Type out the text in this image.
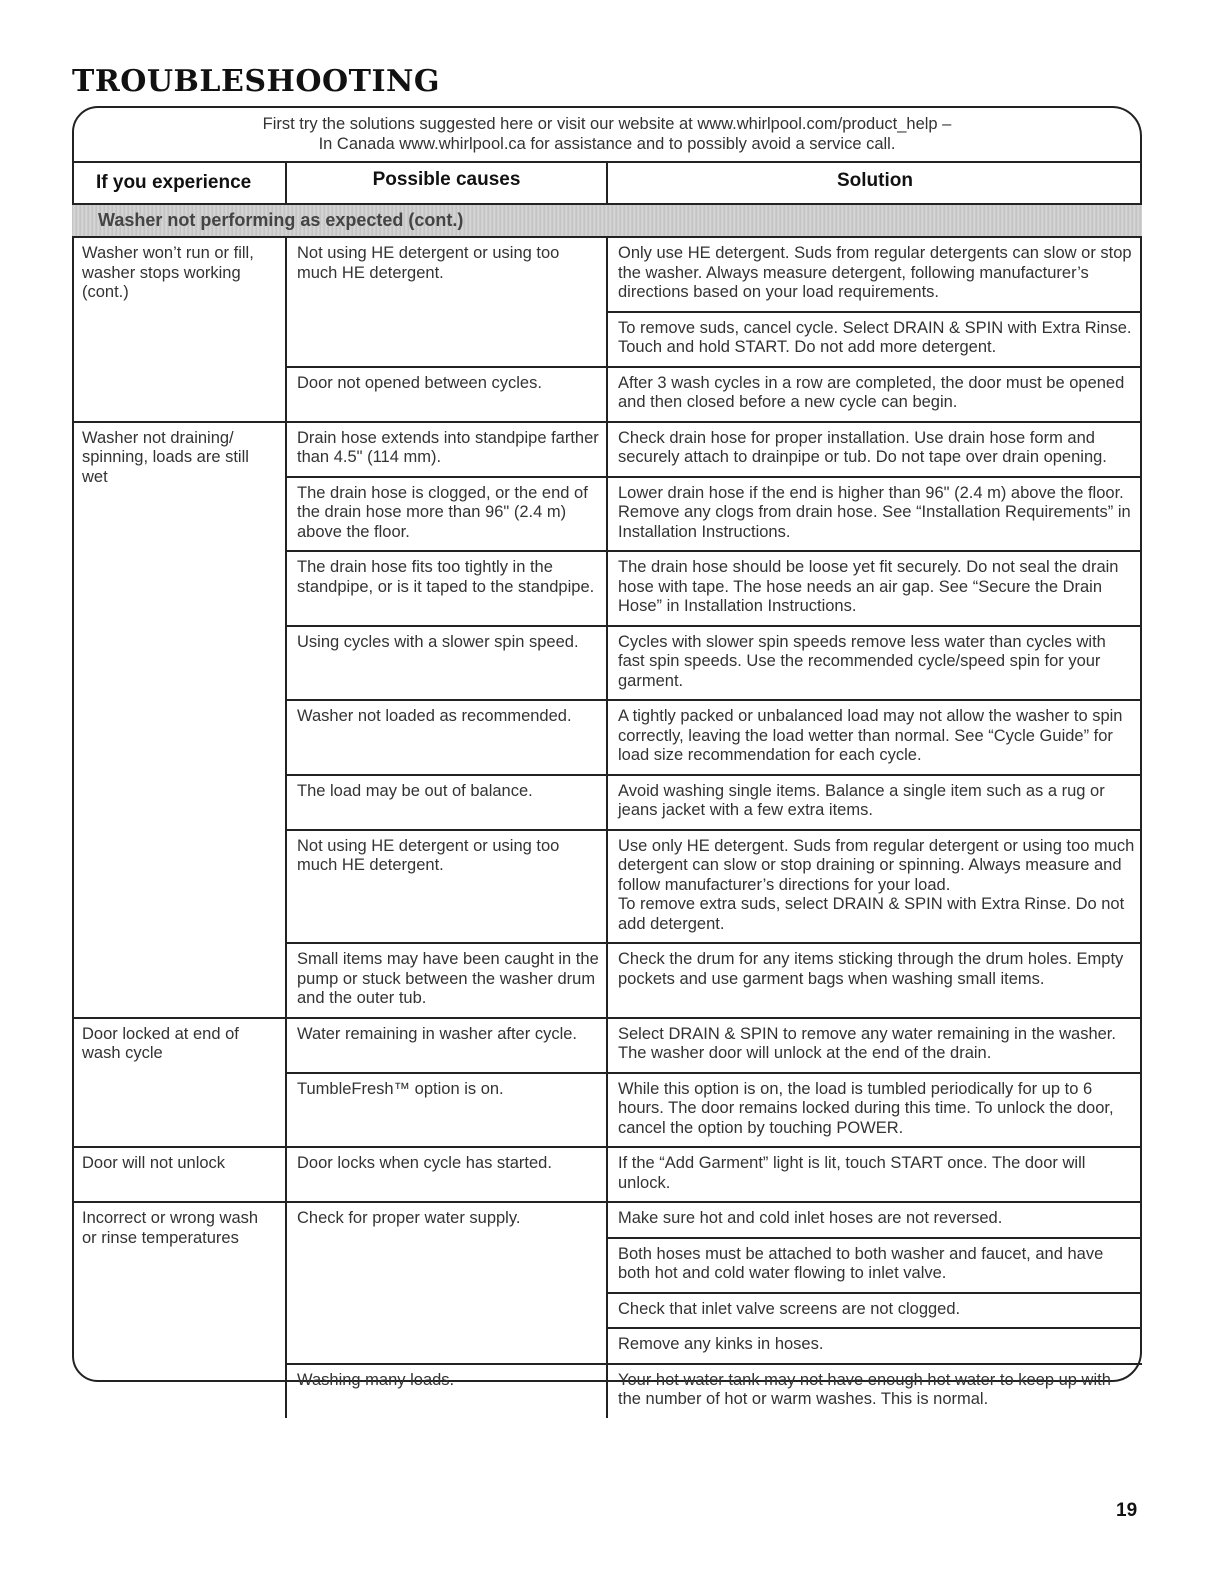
TROUBLESHOOTING
First try the solutions suggested here or visit our website at www.whirlpool.com/product_help –
In Canada www.whirlpool.ca for assistance and to possibly avoid a service call.
If you experience	Possible causes	Solution
Washer not performing as expected (cont.)		
Washer won’t run or fill, washer stops working (cont.)	Not using HE detergent or using too much HE detergent.	Only use HE detergent. Suds from regular detergents can slow or stop the washer. Always measure detergent, following manufacturer’s directions based on your load requirements.
		To remove suds, cancel cycle. Select DRAIN & SPIN with Extra Rinse. Touch and hold START. Do not add more detergent.
	Door not opened between cycles.	After 3 wash cycles in a row are completed, the door must be opened and then closed before a new cycle can begin.
Washer not draining/ spinning, loads are still wet	Drain hose extends into standpipe farther than 4.5" (114 mm).	Check drain hose for proper installation. Use drain hose form and securely attach to drainpipe or tub. Do not tape over drain opening.
	The drain hose is clogged, or the end of the drain hose more than 96" (2.4 m) above the floor.	Lower drain hose if the end is higher than 96" (2.4 m) above the floor. Remove any clogs from drain hose. See “Installation Requirements” in Installation Instructions.
	The drain hose fits too tightly in the standpipe, or is it taped to the standpipe.	The drain hose should be loose yet fit securely. Do not seal the drain hose with tape. The hose needs an air gap. See “Secure the Drain Hose” in Installation Instructions.
	Using cycles with a slower spin speed.	Cycles with slower spin speeds remove less water than cycles with fast spin speeds. Use the recommended cycle/speed spin for your garment.
	Washer not loaded as recommended.	A tightly packed or unbalanced load may not allow the washer to spin correctly, leaving the load wetter than normal. See “Cycle Guide” for load size recommendation for each cycle.
	The load may be out of balance.	Avoid washing single items. Balance a single item such as a rug or jeans jacket with a few extra items.
	Not using HE detergent or using too much HE detergent.	Use only HE detergent. Suds from regular detergent or using too much detergent can slow or stop draining or spinning. Always measure and follow manufacturer’s directions for your load.
To remove extra suds, select DRAIN & SPIN with Extra Rinse. Do not add detergent.

	Small items may have been caught in the pump or stuck between the washer drum and the outer tub.	Check the drum for any items sticking through the drum holes. Empty pockets and use garment bags when washing small items.
Door locked at end of wash cycle	Water remaining in washer after cycle.	Select DRAIN & SPIN to remove any water remaining in the washer. The washer door will unlock at the end of the drain.
	TumbleFresh™ option is on.	While this option is on, the load is tumbled periodically for up to 6 hours. The door remains locked during this time. To unlock the door, cancel the option by touching POWER.
Door will not unlock	Door locks when cycle has started.	If the “Add Garment” light is lit, touch START once. The door will unlock.
Incorrect or wrong wash or rinse temperatures	Check for proper water supply.	Make sure hot and cold inlet hoses are not reversed.
		Both hoses must be attached to both washer and faucet, and have both hot and cold water flowing to inlet valve.
		Check that inlet valve screens are not clogged.
		Remove any kinks in hoses.
	Washing many loads.	Your hot water tank may not have enough hot water to keep up with the number of hot or warm washes. This is normal.
19
